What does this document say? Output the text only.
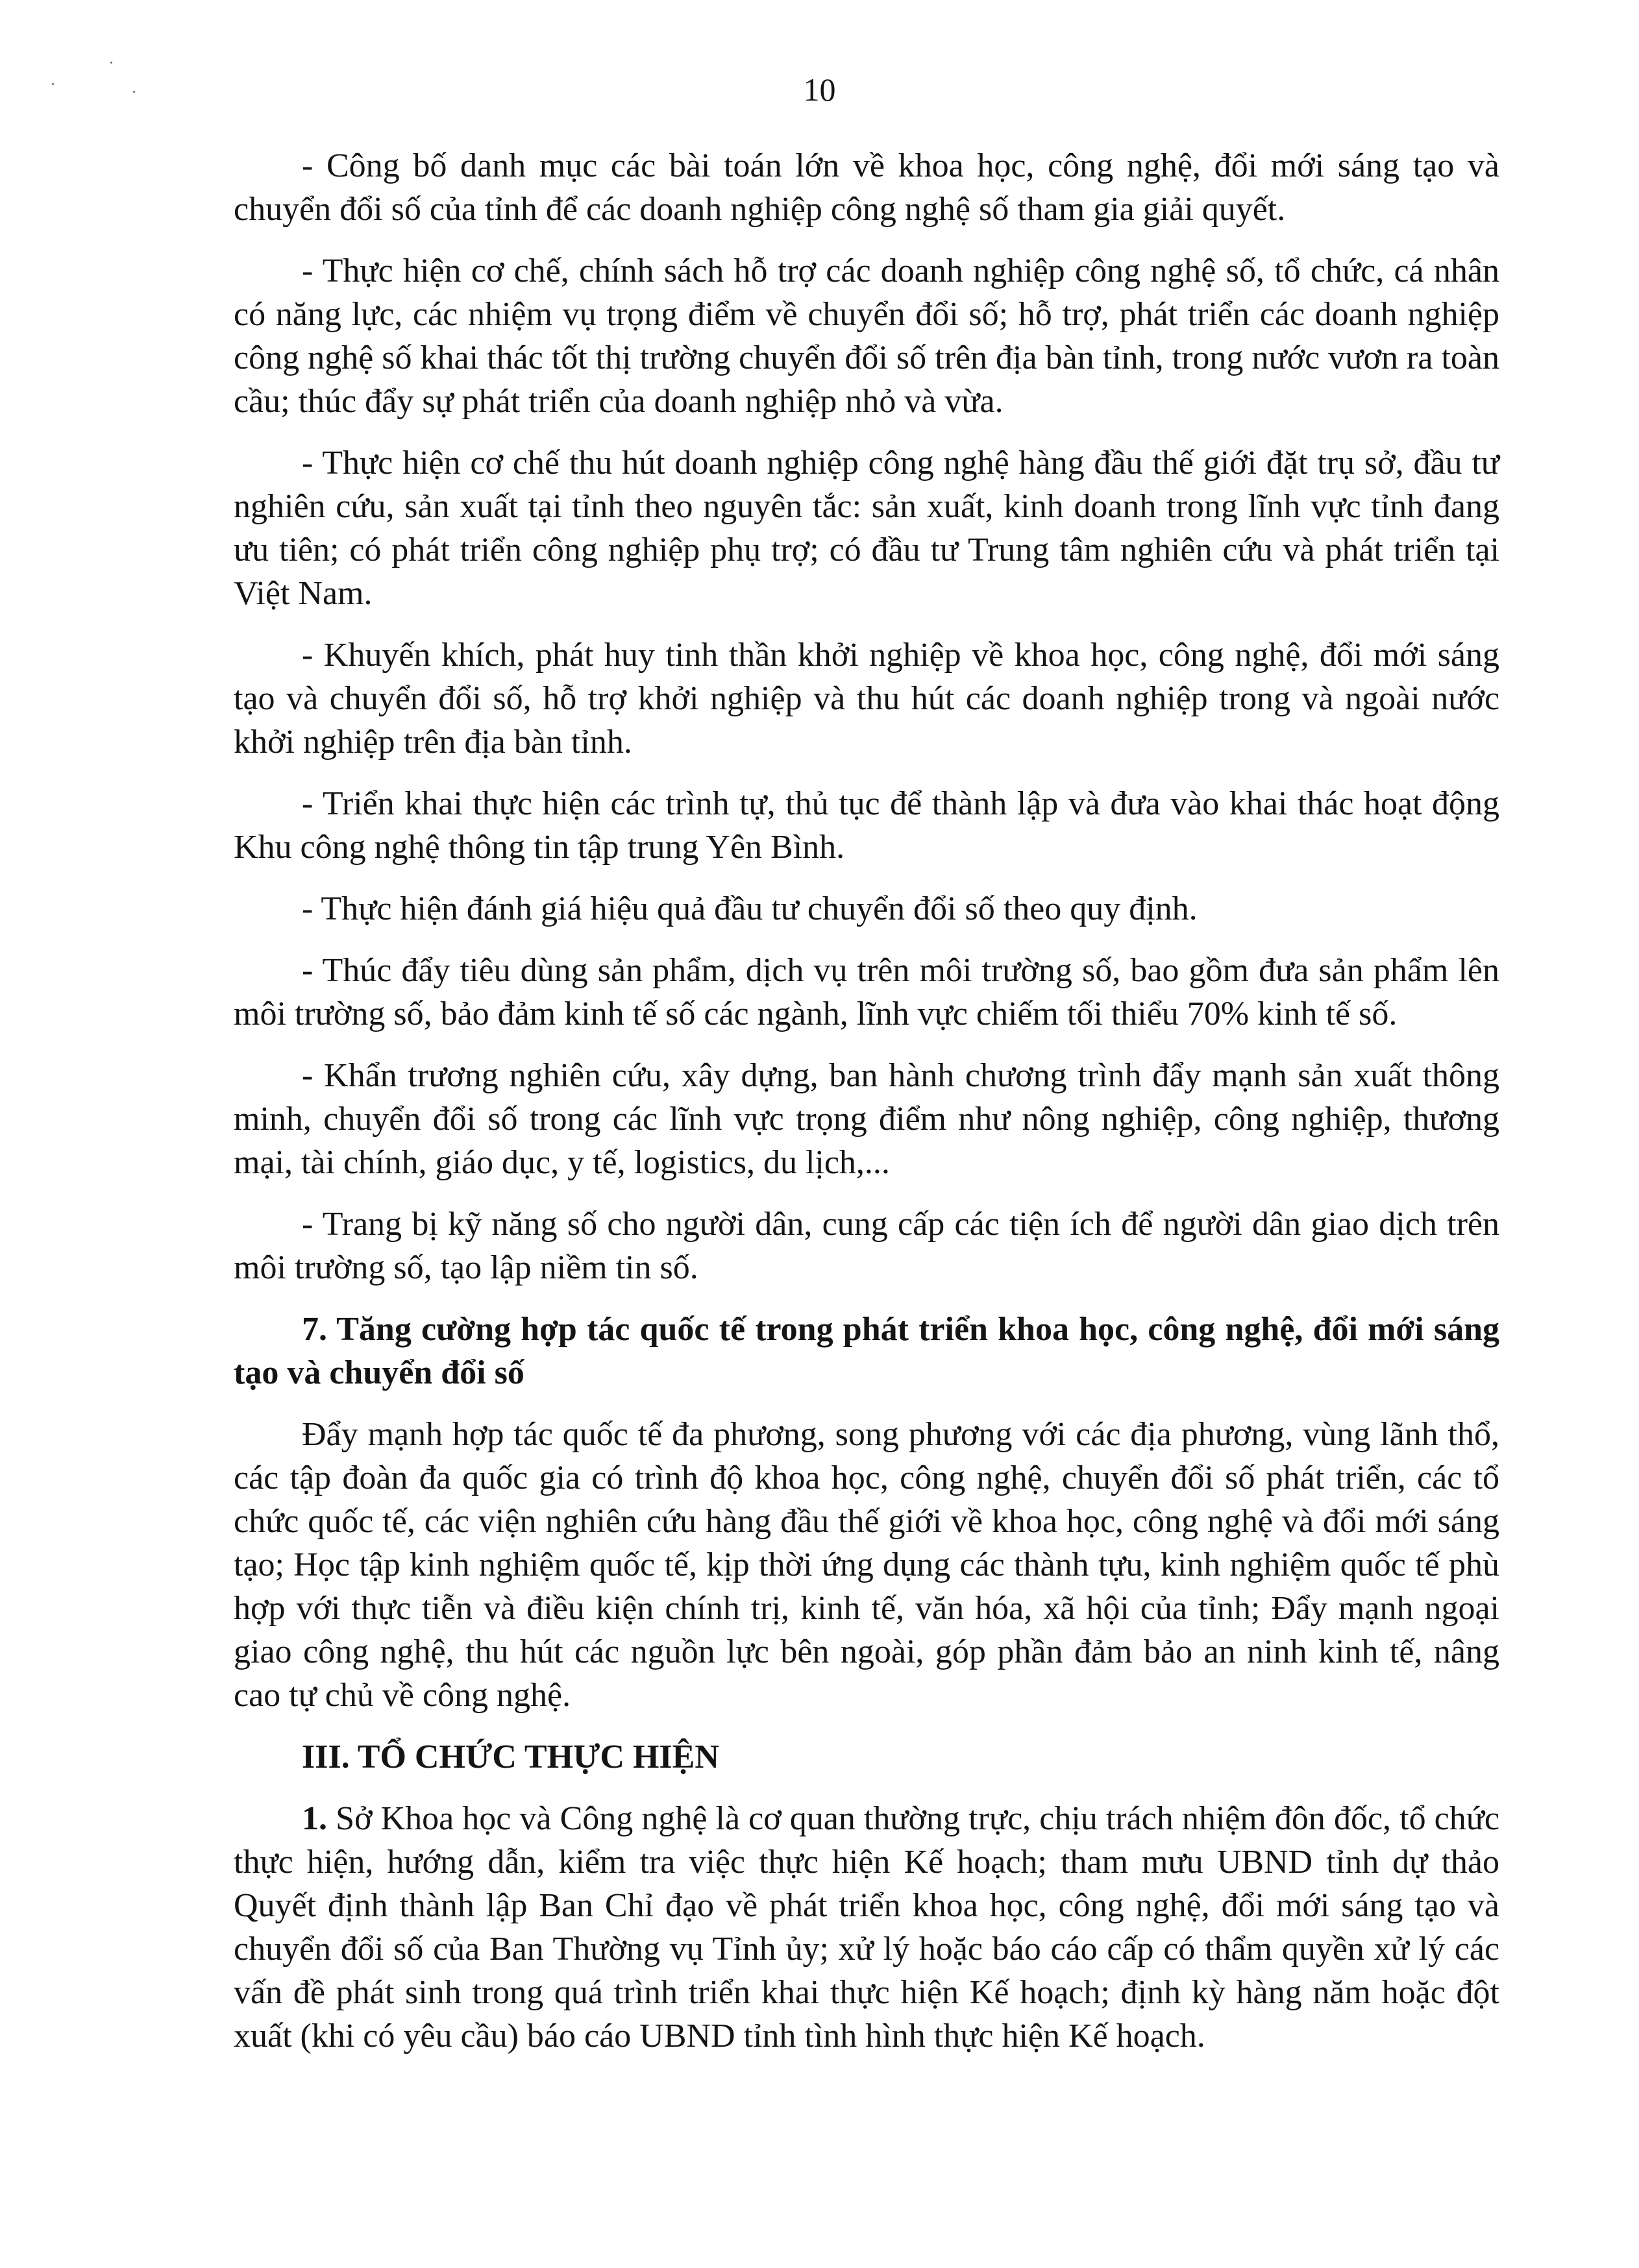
10

- Công bố danh mục các bài toán lớn về khoa học, công nghệ, đổi mới sáng tạo và chuyển đổi số của tỉnh để các doanh nghiệp công nghệ số tham gia giải quyết.

- Thực hiện cơ chế, chính sách hỗ trợ các doanh nghiệp công nghệ số, tổ chức, cá nhân có năng lực, các nhiệm vụ trọng điểm về chuyển đổi số; hỗ trợ, phát triển các doanh nghiệp công nghệ số khai thác tốt thị trường chuyển đổi số trên địa bàn tỉnh, trong nước vươn ra toàn cầu; thúc đẩy sự phát triển của doanh nghiệp nhỏ và vừa.

- Thực hiện cơ chế thu hút doanh nghiệp công nghệ hàng đầu thế giới đặt trụ sở, đầu tư nghiên cứu, sản xuất tại tỉnh theo nguyên tắc: sản xuất, kinh doanh trong lĩnh vực tỉnh đang ưu tiên; có phát triển công nghiệp phụ trợ; có đầu tư Trung tâm nghiên cứu và phát triển tại Việt Nam.

- Khuyến khích, phát huy tinh thần khởi nghiệp về khoa học, công nghệ, đổi mới sáng tạo và chuyển đổi số, hỗ trợ khởi nghiệp và thu hút các doanh nghiệp trong và ngoài nước khởi nghiệp trên địa bàn tỉnh.

- Triển khai thực hiện các trình tự, thủ tục để thành lập và đưa vào khai thác hoạt động Khu công nghệ thông tin tập trung Yên Bình.

- Thực hiện đánh giá hiệu quả đầu tư chuyển đổi số theo quy định.

- Thúc đẩy tiêu dùng sản phẩm, dịch vụ trên môi trường số, bao gồm đưa sản phẩm lên môi trường số, bảo đảm kinh tế số các ngành, lĩnh vực chiếm tối thiểu 70% kinh tế số.

- Khẩn trương nghiên cứu, xây dựng, ban hành chương trình đẩy mạnh sản xuất thông minh, chuyển đổi số trong các lĩnh vực trọng điểm như nông nghiệp, công nghiệp, thương mại, tài chính, giáo dục, y tế, logistics, du lịch,...

- Trang bị kỹ năng số cho người dân, cung cấp các tiện ích để người dân giao dịch trên môi trường số, tạo lập niềm tin số.

7. Tăng cường hợp tác quốc tế trong phát triển khoa học, công nghệ, đổi mới sáng tạo và chuyển đổi số

Đẩy mạnh hợp tác quốc tế đa phương, song phương với các địa phương, vùng lãnh thổ, các tập đoàn đa quốc gia có trình độ khoa học, công nghệ, chuyển đổi số phát triển, các tổ chức quốc tế, các viện nghiên cứu hàng đầu thế giới về khoa học, công nghệ và đổi mới sáng tạo; Học tập kinh nghiệm quốc tế, kịp thời ứng dụng các thành tựu, kinh nghiệm quốc tế phù hợp với thực tiễn và điều kiện chính trị, kinh tế, văn hóa, xã hội của tỉnh; Đẩy mạnh ngoại giao công nghệ, thu hút các nguồn lực bên ngoài, góp phần đảm bảo an ninh kinh tế, nâng cao tự chủ về công nghệ.

III. TỔ CHỨC THỰC HIỆN

1. Sở Khoa học và Công nghệ là cơ quan thường trực, chịu trách nhiệm đôn đốc, tổ chức thực hiện, hướng dẫn, kiểm tra việc thực hiện Kế hoạch; tham mưu UBND tỉnh dự thảo Quyết định thành lập Ban Chỉ đạo về phát triển khoa học, công nghệ, đổi mới sáng tạo và chuyển đổi số của Ban Thường vụ Tỉnh ủy; xử lý hoặc báo cáo cấp có thẩm quyền xử lý các vấn đề phát sinh trong quá trình triển khai thực hiện Kế hoạch; định kỳ hàng năm hoặc đột xuất (khi có yêu cầu) báo cáo UBND tỉnh tình hình thực hiện Kế hoạch.
